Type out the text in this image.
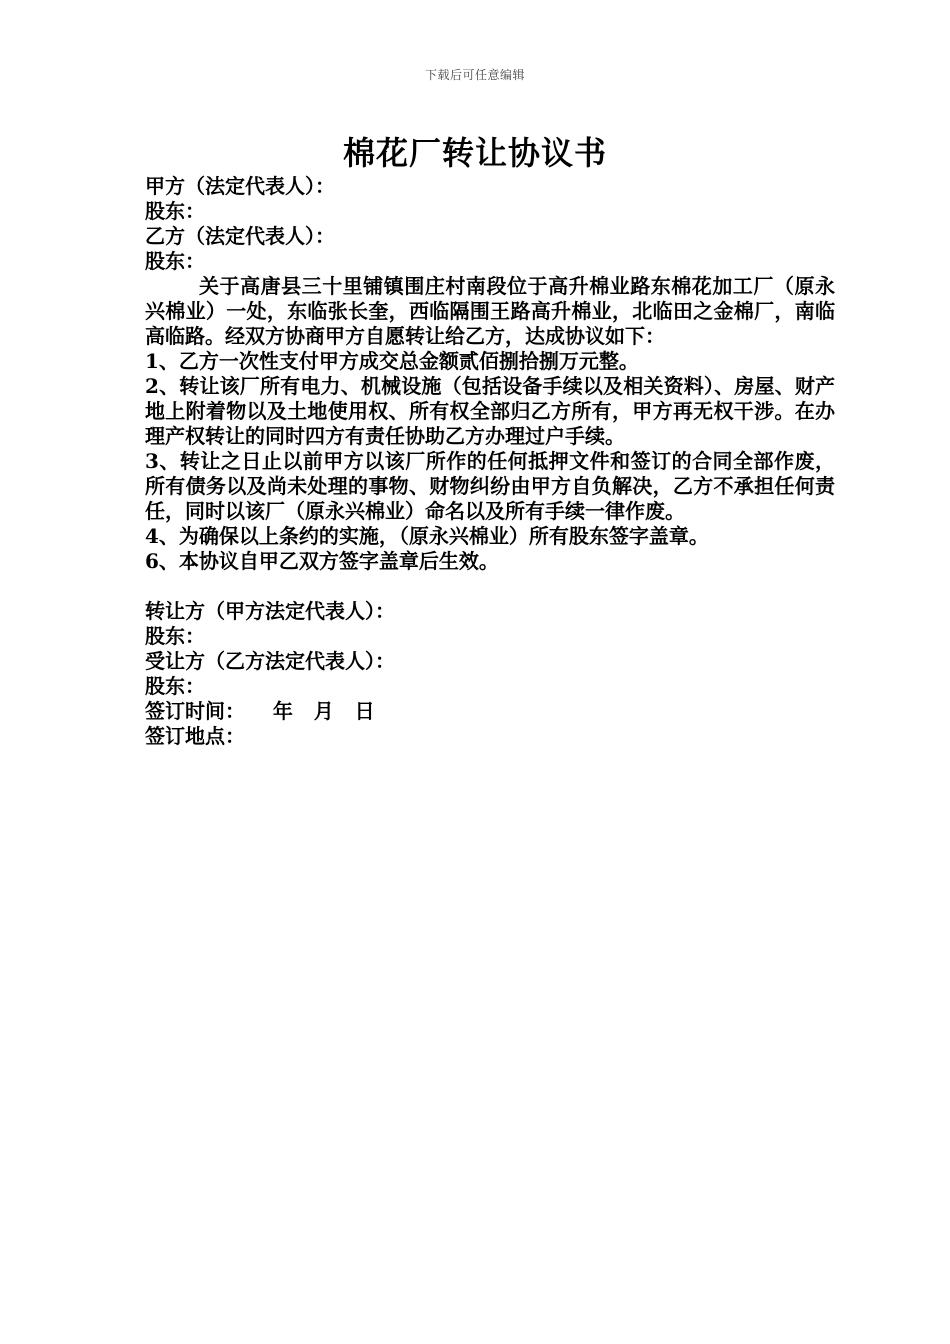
下载后可任意编辑
棉花厂转让协议书
甲方（法定代表人）：
股东：
乙方（法定代表人）：
股东：
关于高唐县三十里铺镇围庄村南段位于高升棉业路东棉花加工厂（原永兴棉业）一处，东临张长奎，西临隔围王路高升棉业，北临田之金棉厂，南临高临路。经双方协商甲方自愿转让给乙方，达成协议如下：
1、乙方一次性支付甲方成交总金额贰佰捌拾捌万元整。
2、转让该厂所有电力、机械设施（包括设备手续以及相关资料）、房屋、财产地上附着物以及土地使用权、所有权全部归乙方所有，甲方再无权干涉。在办理产权转让的同时四方有责任协助乙方办理过户手续。
3、转让之日止以前甲方以该厂所作的任何抵押文件和签订的合同全部作废，所有债务以及尚未处理的事物、财物纠纷由甲方自负解决，乙方不承担任何责任，同时以该厂（原永兴棉业）命名以及所有手续一律作废。
4、为确保以上条约的实施，（原永兴棉业）所有股东签字盖章。
6、本协议自甲乙双方签字盖章后生效。
转让方（甲方法定代表人）：
股东：
受让方（乙方法定代表人）：
股东：
签订时间：    年   月   日
签订地点：
